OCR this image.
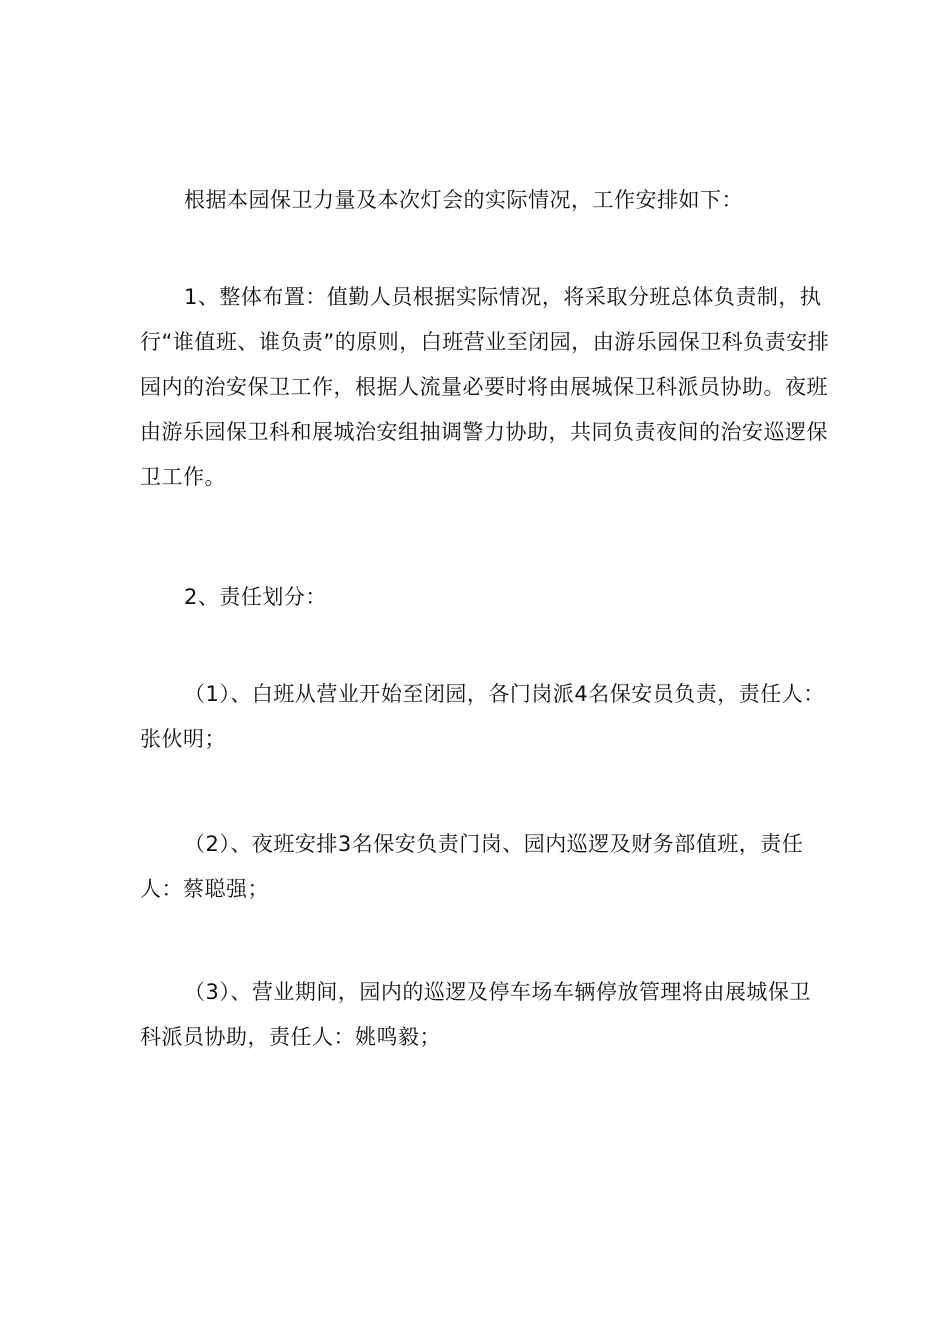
根据本园保卫力量及本次灯会的实际情况，工作安排如下：

1、整体布置：值勤人员根据实际情况，将采取分班总体负责制，执行“谁值班、谁负责”的原则，白班营业至闭园，由游乐园保卫科负责安排园内的治安保卫工作，根据人流量必要时将由展城保卫科派员协助。夜班由游乐园保卫科和展城治安组抽调警力协助，共同负责夜间的治安巡逻保卫工作。

2、责任划分：

（1）、白班从营业开始至闭园，各门岗派4名保安员负责，责任人：张伙明；

（2）、夜班安排3名保安负责门岗、园内巡逻及财务部值班，责任人：蔡聪强；

（3）、营业期间，园内的巡逻及停车场车辆停放管理将由展城保卫科派员协助，责任人：姚鸣毅；
